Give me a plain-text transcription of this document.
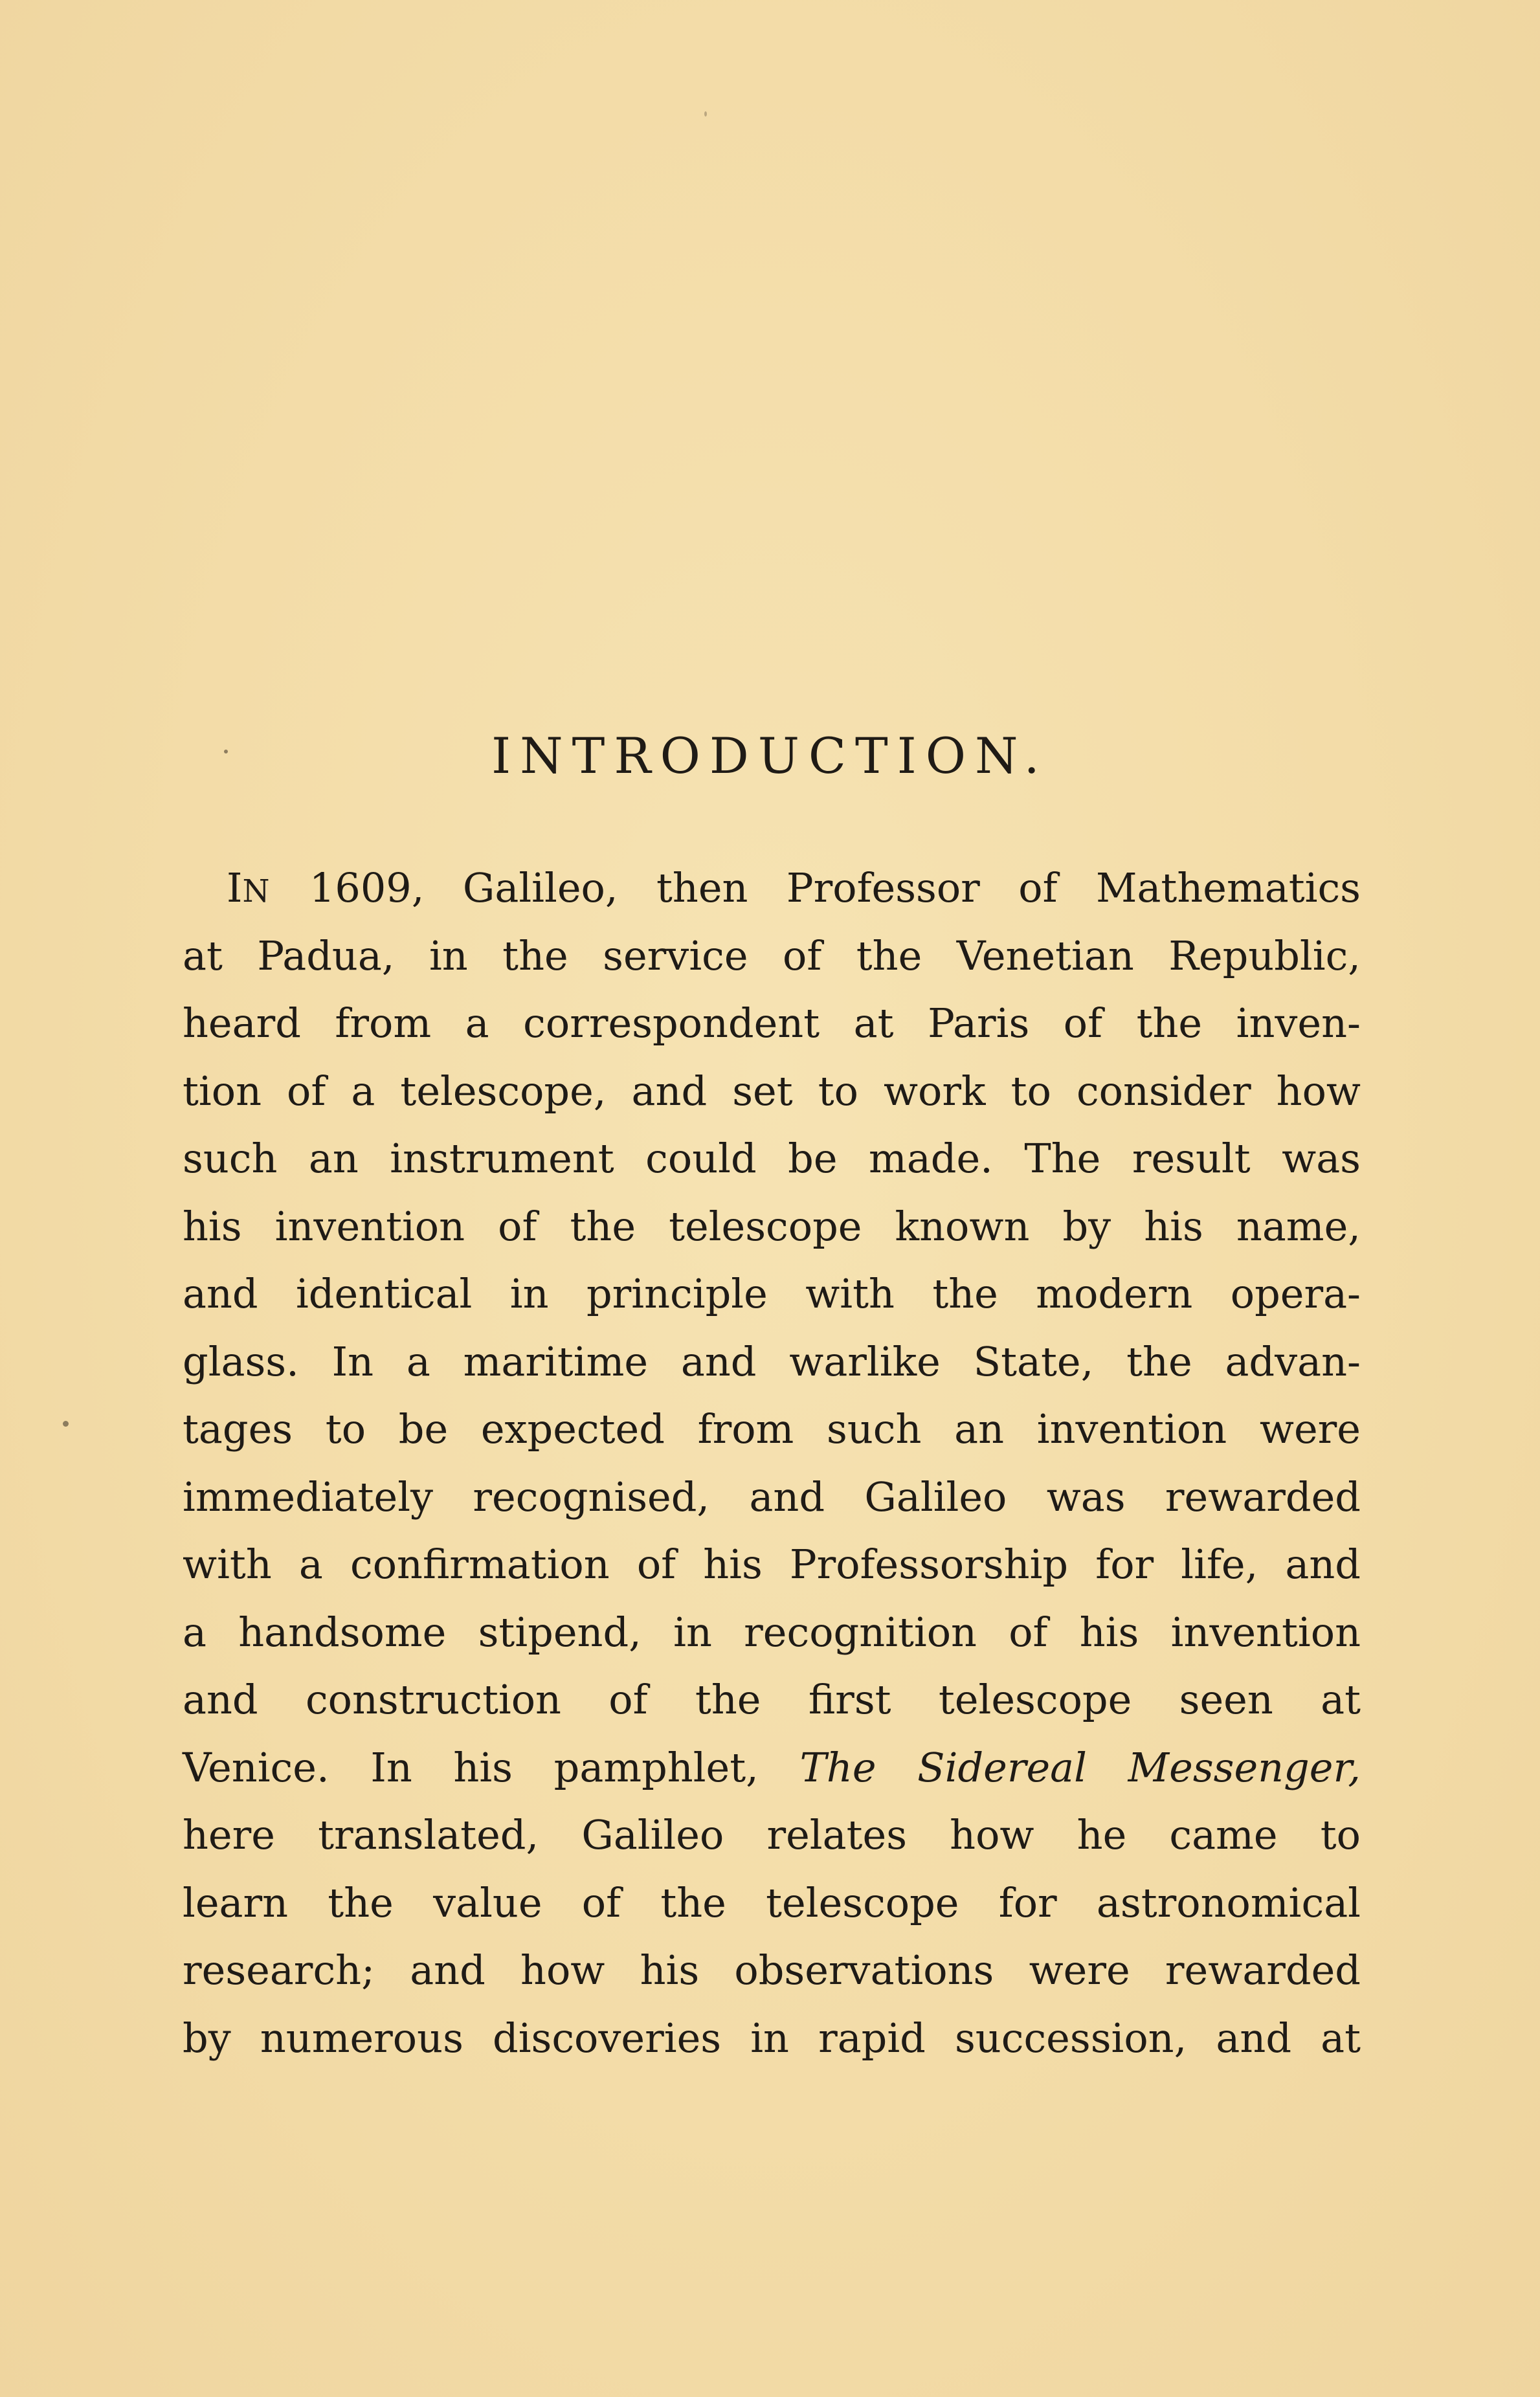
INTRODUCTION.
IN 1609, Galileo, then Professor of Mathematics
at Padua, in the service of the Venetian Republic,
heard from a correspondent at Paris of the inven-
tion of a telescope, and set to work to consider how
such an instrument could be made. The result was
his invention of the telescope known by his name,
and identical in principle with the modern opera-
glass. In a maritime and warlike State, the advan-
tages to be expected from such an invention were
immediately recognised, and Galileo was rewarded
with a confirmation of his Professorship for life, and
a handsome stipend, in recognition of his invention
and construction of the first telescope seen at
Venice. In his pamphlet, The Sidereal Messenger,
here translated, Galileo relates how he came to
learn the value of the telescope for astronomical
research; and how his observations were rewarded
by numerous discoveries in rapid succession, and at
